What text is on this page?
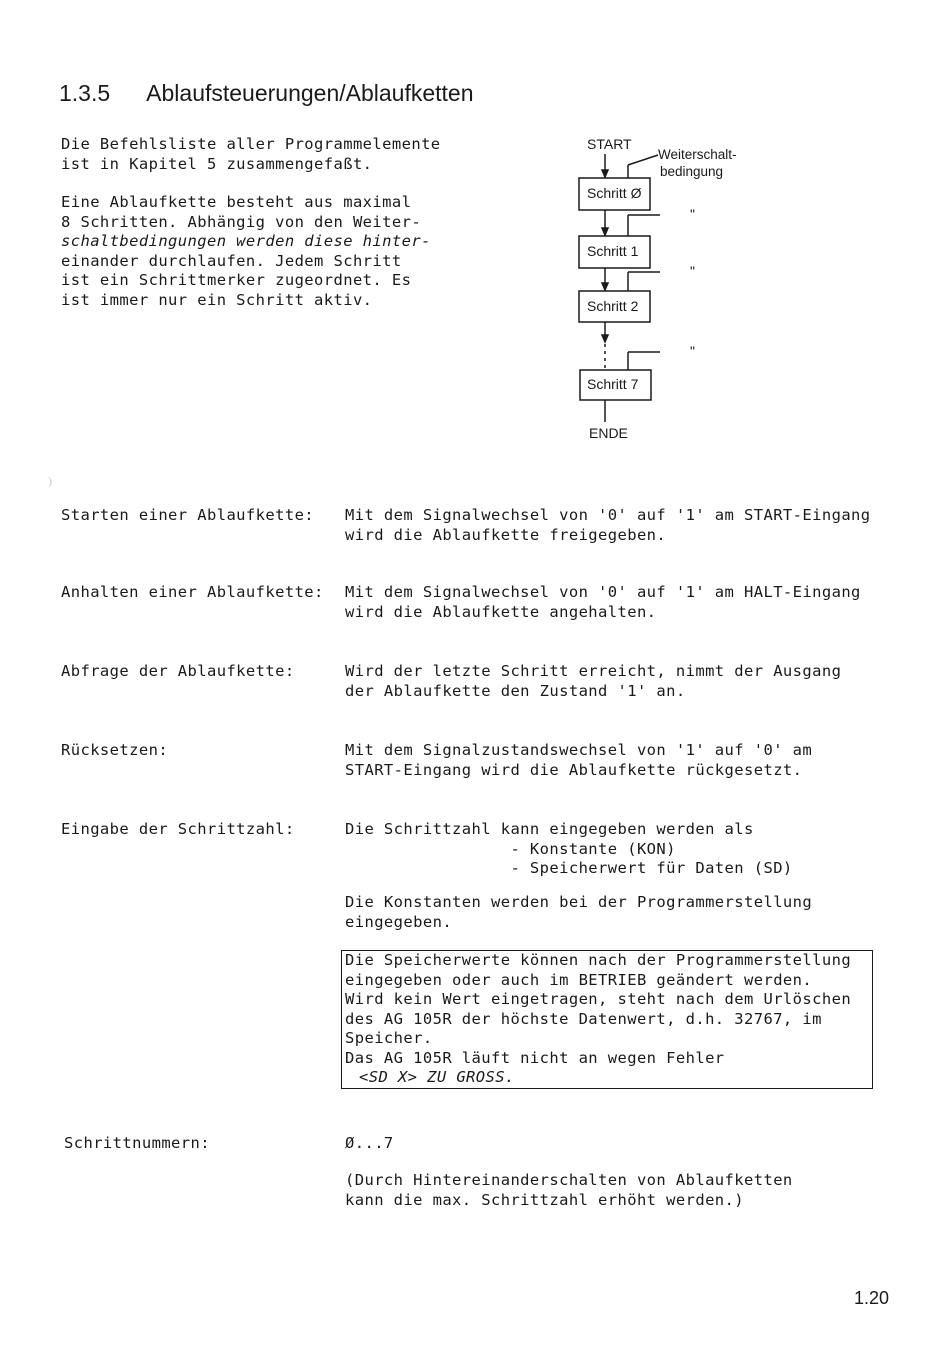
1.3.5 Ablaufsteuerungen/Ablaufketten

Die Befehlsliste aller Programmelemente
ist in Kapitel 5 zusammengefaßt.

Eine Ablaufkette besteht aus maximal
8 Schritten. Abhängig von den Weiter-
schaltbedingungen werden diese hinter-
einander durchlaufen. Jedem Schritt
ist ein Schrittmerker zugeordnet. Es
ist immer nur ein Schritt aktiv.

START
Weiterschalt-
bedingung
Schritt Ø
Schritt 1
Schritt 2
Schritt 7
"
"
"
ENDE
)
Starten einer Ablaufkette: Mit dem Signalwechsel von '0' auf '1' am START-Eingang
wird die Ablaufkette freigegeben.
Anhalten einer Ablaufkette: Mit dem Signalwechsel von '0' auf '1' am HALT-Eingang
wird die Ablaufkette angehalten.
Abfrage der Ablaufkette:	Wird der letzte Schritt erreicht, nimmt der Ausgang
der Ablaufkette den Zustand '1' an.
Rücksetzen:	Mit dem Signalzustandswechsel von '1' auf '0' am
START-Eingang wird die Ablaufkette rückgesetzt.
Eingabe der Schrittzahl:	Die Schrittzahl kann eingegeben werden als
- Konstante (KON)
- Speicherwert für Daten (SD)
Die Konstanten werden bei der Programmerstellung
eingegeben.
Die Speicherwerte können nach der Programmerstellung
eingegeben oder auch im BETRIEB geändert werden.
Wird kein Wert eingetragen, steht nach dem Urlöschen
des AG 105R der höchste Datenwert, d.h. 32767, im
Speicher.
Das AG 105R läuft nicht an wegen Fehler
<SD X> ZU GROSS.
Schrittnummern:	Ø...7
(Durch Hintereinanderschalten von Ablaufketten
kann die max. Schrittzahl erhöht werden.)
1.20
